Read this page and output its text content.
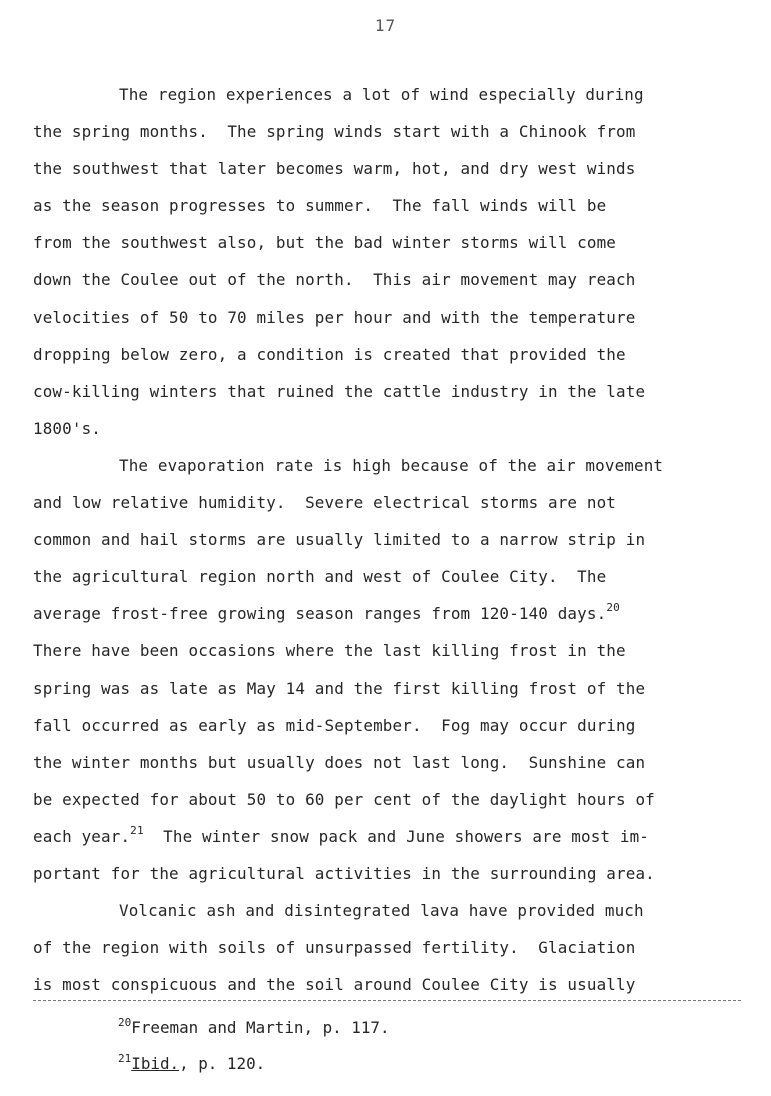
17
The region experiences a lot of wind especially during
the spring months.  The spring winds start with a Chinook from
the southwest that later becomes warm, hot, and dry west winds
as the season progresses to summer.  The fall winds will be
from the southwest also, but the bad winter storms will come
down the Coulee out of the north.  This air movement may reach
velocities of 50 to 70 miles per hour and with the temperature
dropping below zero, a condition is created that provided the
cow-killing winters that ruined the cattle industry in the late
1800's.
The evaporation rate is high because of the air movement
and low relative humidity.  Severe electrical storms are not
common and hail storms are usually limited to a narrow strip in
the agricultural region north and west of Coulee City.  The
average frost-free growing season ranges from 120-140 days.$^{20}$
There have been occasions where the last killing frost in the
spring was as late as May 14 and the first killing frost of the
fall occurred as early as mid-September.  Fog may occur during
the winter months but usually does not last long.  Sunshine can
be expected for about 50 to 60 per cent of the daylight hours of
each year.$^{21}$  The winter snow pack and June showers are most im-
portant for the agricultural activities in the surrounding area.
Volcanic ash and disintegrated lava have provided much
of the region with soils of unsurpassed fertility.  Glaciation
is most conspicuous and the soil around Coulee City is usually
$^{20}$Freeman and Martin, p. 117.
$^{21}$Ibid., p. 120.
